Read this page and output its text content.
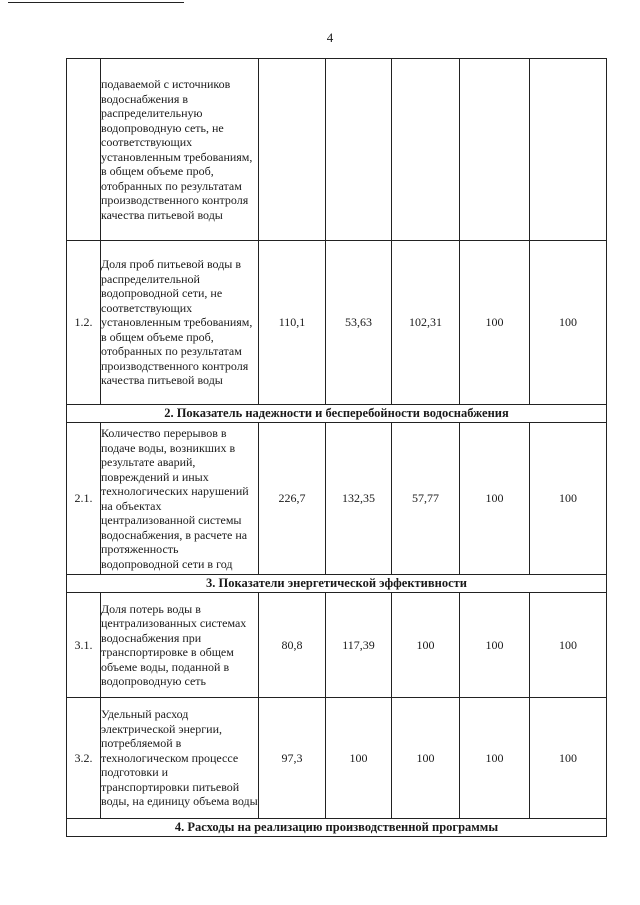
4
	подаваемой с источников водоснабжения в распределительную водопроводную сеть, не соответствующих установленным требованиям, в общем объеме проб, отобранных по результатам производственного контроля качества питьевой воды					
1.2.	Доля проб питьевой воды в распределительной водопроводной сети, не соответствующих установленным требованиям, в общем объеме проб, отобранных по результатам производственного контроля качества питьевой воды	110,1	53,63	102,31	100	100
2. Показатель надежности и бесперебойности водоснабжения						
2.1.	Количество перерывов в подаче воды, возникших в результате аварий, повреждений и иных технологических нарушений на объектах централизованной системы водоснабжения, в расчете на протяженность водопроводной сети в год	226,7	132,35	57,77	100	100
3. Показатели энергетической эффективности						
3.1.	Доля потерь воды в централизованных системах водоснабжения при транспортировке в общем объеме воды, поданной в водопроводную сеть	80,8	117,39	100	100	100
3.2.	Удельный расход электрической энергии, потребляемой в технологическом процессе подготовки и транспортировки питьевой воды, на единицу объема воды	97,3	100	100	100	100
4. Расходы на реализацию производственной программы						
